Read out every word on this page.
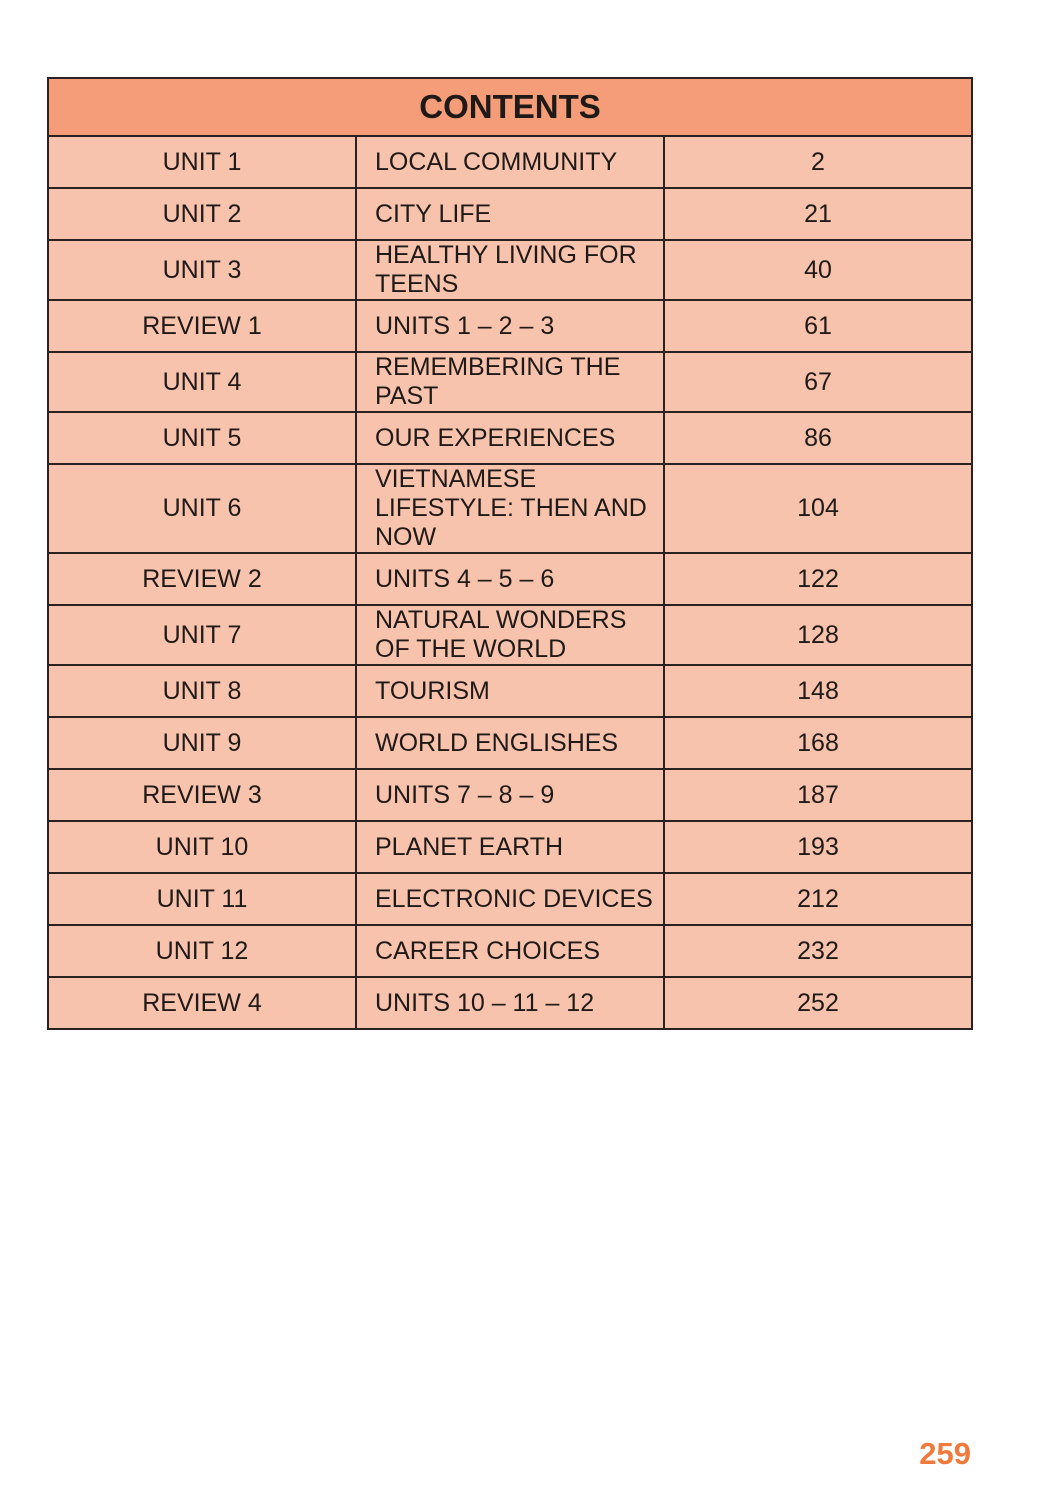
CONTENTS		
UNIT 1	LOCAL COMMUNITY	2
UNIT 2	CITY LIFE	21
UNIT 3	HEALTHY LIVING FOR TEENS	40
REVIEW 1	UNITS 1 – 2 – 3	61
UNIT 4	REMEMBERING THE PAST	67
UNIT 5	OUR EXPERIENCES	86
UNIT 6	VIETNAMESE LIFESTYLE: THEN AND NOW	104
REVIEW 2	UNITS 4 – 5 – 6	122
UNIT 7	NATURAL WONDERS OF THE WORLD	128
UNIT 8	TOURISM	148
UNIT 9	WORLD ENGLISHES	168
REVIEW 3	UNITS 7 – 8 – 9	187
UNIT 10	PLANET EARTH	193
UNIT 11	ELECTRONIC DEVICES	212
UNIT 12	CAREER CHOICES	232
REVIEW 4	UNITS 10 – 11 – 12	252
259
